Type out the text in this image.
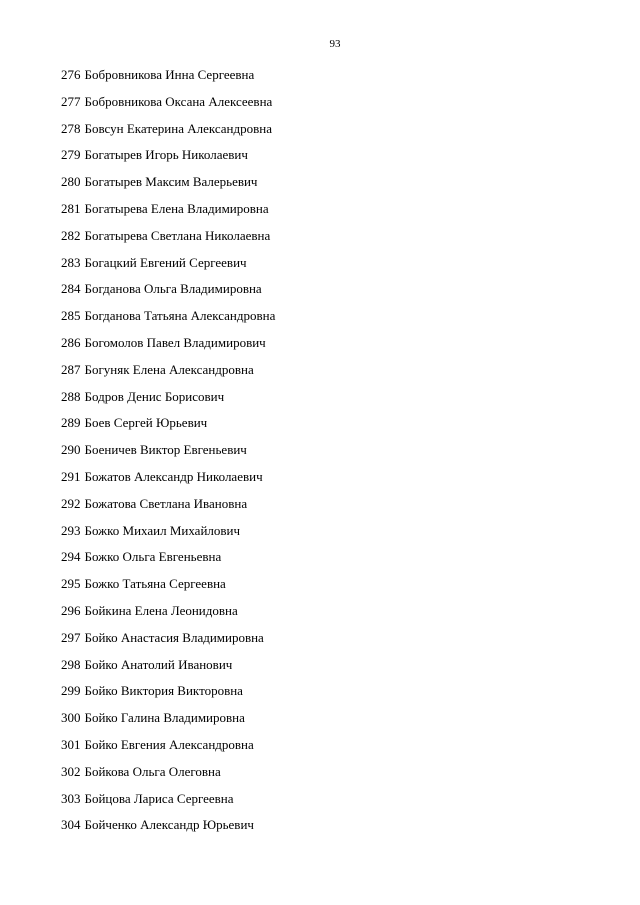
93
276 Бобровникова Инна Сергеевна
277 Бобровникова Оксана Алексеевна
278 Бовсун Екатерина Александровна
279 Богатырев Игорь Николаевич
280 Богатырев Максим Валерьевич
281 Богатырева Елена Владимировна
282 Богатырева Светлана Николаевна
283 Богацкий Евгений Сергеевич
284 Богданова Ольга Владимировна
285 Богданова Татьяна Александровна
286 Богомолов Павел Владимирович
287 Богуняк Елена Александровна
288 Бодров Денис Борисович
289 Боев Сергей Юрьевич
290 Боеничев Виктор Евгеньевич
291 Божатов Александр Николаевич
292 Божатова Светлана Ивановна
293 Божко Михаил Михайлович
294 Божко Ольга Евгеньевна
295 Божко Татьяна Сергеевна
296 Бойкина Елена Леонидовна
297 Бойко Анастасия Владимировна
298 Бойко Анатолий Иванович
299 Бойко Виктория Викторовна
300 Бойко Галина Владимировна
301 Бойко Евгения Александровна
302 Бойкова Ольга Олеговна
303 Бойцова Лариса Сергеевна
304 Бойченко Александр Юрьевич
